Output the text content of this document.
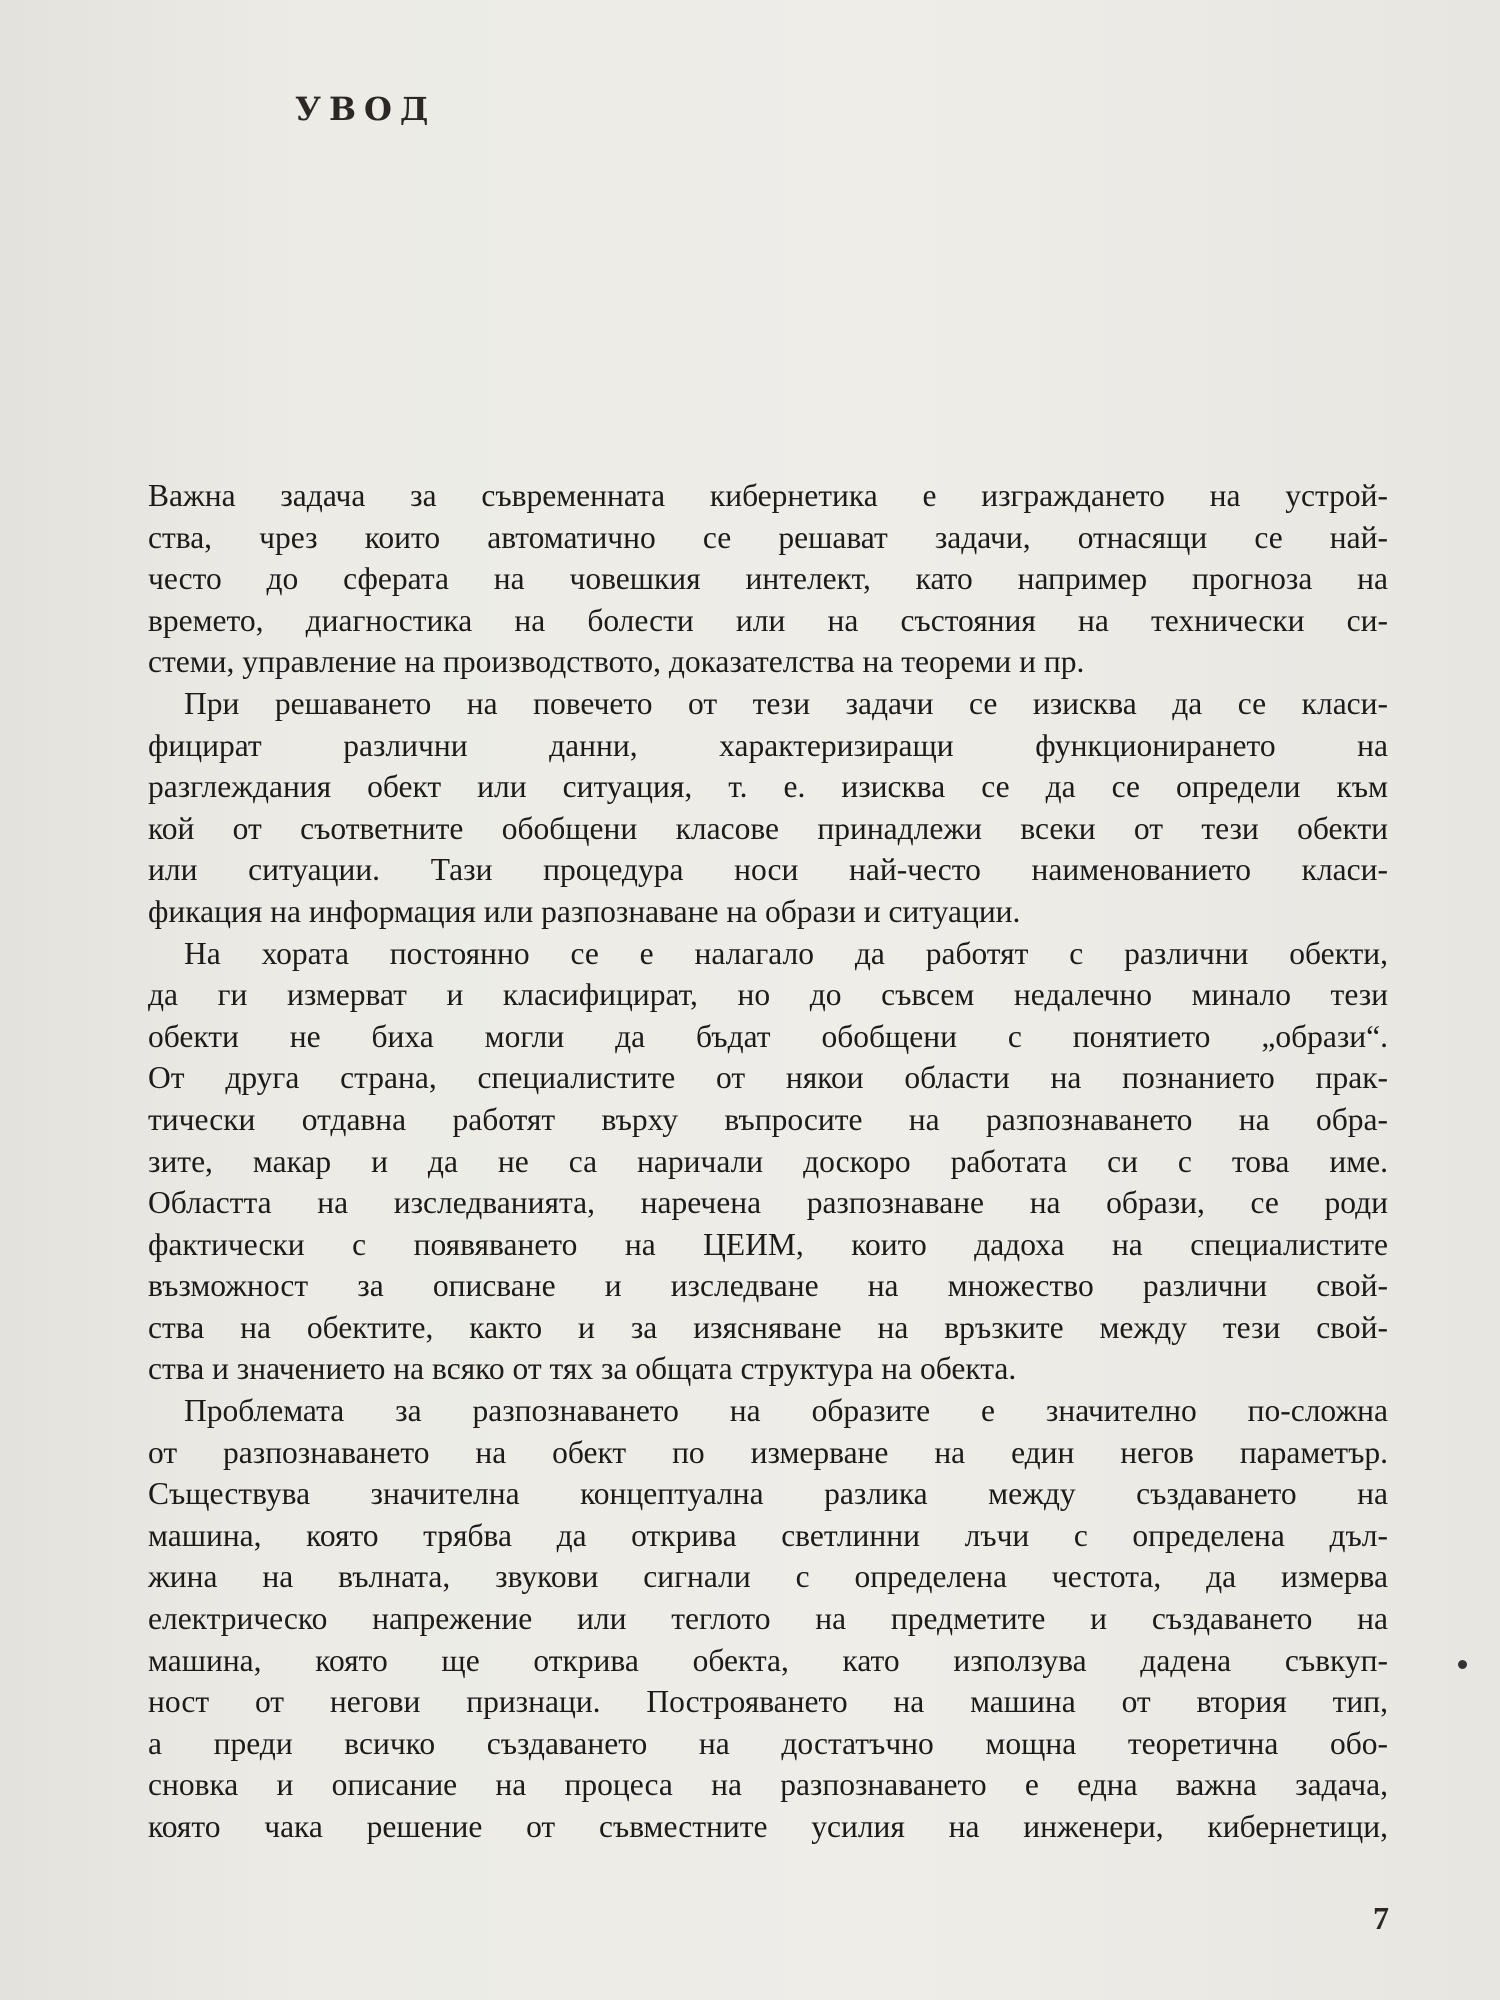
УВОД
Важна задача за съвременната кибернетика е изграждането на устрой-
ства, чрез които автоматично се решават задачи, отнасящи се най-
често до сферата на човешкия интелект, като например прогноза на
времето, диагностика на болести или на състояния на технически си-
стеми, управление на производството, доказателства на теореми и пр.
При решаването на повечето от тези задачи се изисква да се класи-
фицират различни данни, характеризиращи функционирането на
разглеждания обект или ситуация, т. е. изисква се да се определи към
кой от съответните обобщени класове принадлежи всеки от тези обекти
или ситуации. Тази процедура носи най-често наименованието класи-
фикация на информация или разпознаване на образи и ситуации.
На хората постоянно се е налагало да работят с различни обекти,
да ги измерват и класифицират, но до съвсем недалечно минало тези
обекти не биха могли да бъдат обобщени с понятието „образи“.
От друга страна, специалистите от някои области на познанието прак-
тически отдавна работят върху въпросите на разпознаването на обра-
зите, макар и да не са наричали доскоро работата си с това име.
Областта на изследванията, наречена разпознаване на образи, се роди
фактически с появяването на ЦЕИМ, които дадоха на специалистите
възможност за описване и изследване на множество различни свой-
ства на обектите, както и за изясняване на връзките между тези свой-
ства и значението на всяко от тях за общата структура на обекта.
Проблемата за разпознаването на образите е значително по-сложна
от разпознаването на обект по измерване на един негов параметър.
Съществува значителна концептуална разлика между създаването на
машина, която трябва да открива светлинни лъчи с определена дъл-
жина на вълната, звукови сигнали с определена честота, да измерва
електрическо напрежение или теглото на предметите и създаването на
машина, която ще открива обекта, като използува дадена съвкуп-
ност от негови признаци. Построяването на машина от втория тип,
а преди всичко създаването на достатъчно мощна теоретична обо-
сновка и описание на процеса на разпознаването е една важна задача,
която чака решение от съвместните усилия на инженери, кибернетици,
7
